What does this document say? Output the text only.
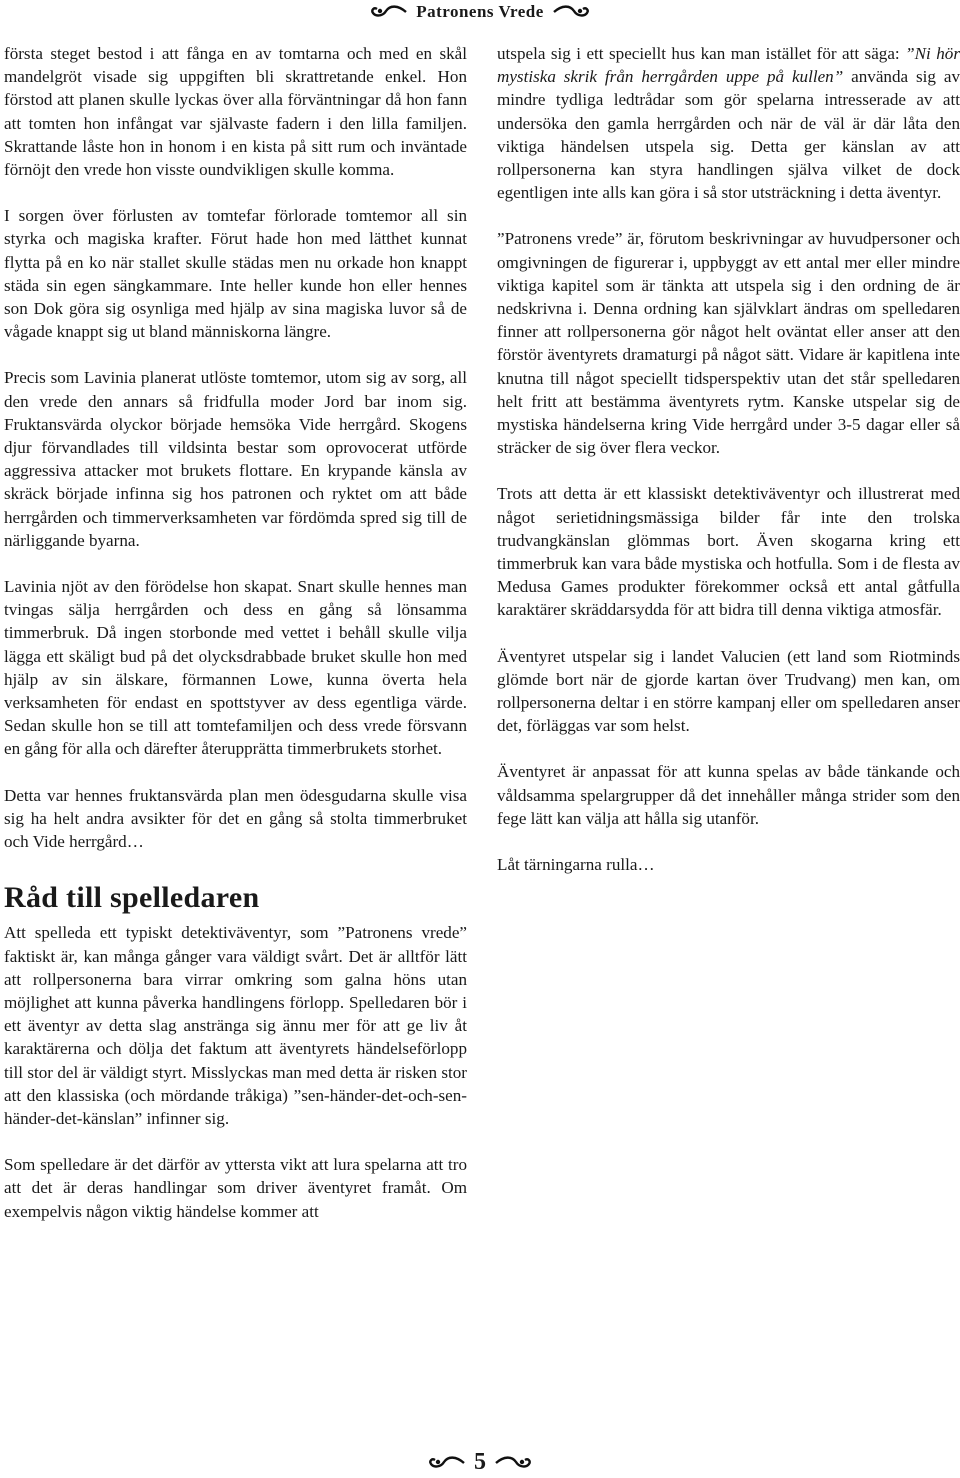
Patronens Vrede

första steget bestod i att fånga en av tomtarna och med en skål mandelgröt visade sig uppgiften bli skrattretande enkel. Hon förstod att planen skulle lyckas över alla förväntningar då hon fann att tomten hon infångat var självaste fadern i den lilla familjen. Skrattande låste hon in honom i en kista på sitt rum och inväntade förnöjt den vrede hon visste oundvikligen skulle komma.

I sorgen över förlusten av tomtefar förlorade tomtemor all sin styrka och magiska krafter. Förut hade hon med lätthet kunnat flytta på en ko när stallet skulle städas men nu orkade hon knappt städa sin egen sängkammare. Inte heller kunde hon eller hennes son Dok göra sig osynliga med hjälp av sina magiska luvor så de vågade knappt sig ut bland människorna längre.

Precis som Lavinia planerat utlöste tomtemor, utom sig av sorg, all den vrede den annars så fridfulla moder Jord bar inom sig. Fruktansvärda olyckor började hemsöka Vide herrgård. Skogens djur förvandlades till vildsinta bestar som oprovocerat utförde aggressiva attacker mot brukets flottare. En krypande känsla av skräck började infinna sig hos patronen och ryktet om att både herrgården och timmerverksamheten var fördömda spred sig till de närliggande byarna.

Lavinia njöt av den förödelse hon skapat. Snart skulle hennes man tvingas sälja herrgården och dess en gång så lönsamma timmerbruk. Då ingen storbonde med vettet i behåll skulle vilja lägga ett skäligt bud på det olycksdrabbade bruket skulle hon med hjälp av sin älskare, förmannen Lowe, kunna överta hela verksamheten för endast en spottstyver av dess egentliga värde. Sedan skulle hon se till att tomtefamiljen och dess vrede försvann en gång för alla och därefter återupprätta timmerbrukets storhet.

Detta var hennes fruktansvärda plan men ödesgudarna skulle visa sig ha helt andra avsikter för det en gång så stolta timmerbruket och Vide herrgård…

Råd till spelledaren

Att spelleda ett typiskt detektiväventyr, som ”Patronens vrede” faktiskt är, kan många gånger vara väldigt svårt. Det är alltför lätt att rollpersonerna bara virrar omkring som galna höns utan möjlighet att kunna påverka handlingens förlopp. Spelledaren bör i ett äventyr av detta slag anstränga sig ännu mer för att ge liv åt karaktärerna och dölja det faktum att äventyrets händelseförlopp till stor del är väldigt styrt. Misslyckas man med detta är risken stor att den klassiska (och mördande tråkiga) ”sen-händer-det-och-sen-händer-det-känslan” infinner sig.

Som spelledare är det därför av yttersta vikt att lura spelarna att tro att det är deras handlingar som driver äventyret framåt. Om exempelvis någon viktig händelse kommer att

utspela sig i ett speciellt hus kan man istället för att säga: ”Ni hör mystiska skrik från herrgården uppe på kullen” använda sig av mindre tydliga ledtrådar som gör spelarna intresserade av att undersöka den gamla herrgården och när de väl är där låta den viktiga händelsen utspela sig. Detta ger känslan av att rollpersonerna kan styra handlingen själva vilket de dock egentligen inte alls kan göra i så stor utsträckning i detta äventyr.

”Patronens vrede” är, förutom beskrivningar av huvudpersoner och omgivningen de figurerar i, uppbyggt av ett antal mer eller mindre viktiga kapitel som är tänkta att utspela sig i den ordning de är nedskrivna i. Denna ordning kan självklart ändras om spelledaren finner att rollpersonerna gör något helt oväntat eller anser att den förstör äventyrets dramaturgi på något sätt. Vidare är kapitlena inte knutna till något speciellt tidsperspektiv utan det står spelledaren helt fritt att bestämma äventyrets rytm. Kanske utspelar sig de mystiska händelserna kring Vide herrgård under 3-5 dagar eller så sträcker de sig över flera veckor.

Trots att detta är ett klassiskt detektiväventyr och illustrerat med något serietidningsmässiga bilder får inte den trolska trudvangkänslan glömmas bort. Även skogarna kring ett timmerbruk kan vara både mystiska och hotfulla. Som i de flesta av Medusa Games produkter förekommer också ett antal gåtfulla karaktärer skräddarsydda för att bidra till denna viktiga atmosfär.

Äventyret utspelar sig i landet Valucien (ett land som Riotminds glömde bort när de gjorde kartan över Trudvang) men kan, om rollpersonerna deltar i en större kampanj eller om spelledaren anser det, förläggas var som helst.

Äventyret är anpassat för att kunna spelas av både tänkande och våldsamma spelargrupper då det innehåller många strider som den fege lätt kan välja att hålla sig utanför.

Låt tärningarna rulla…

5
